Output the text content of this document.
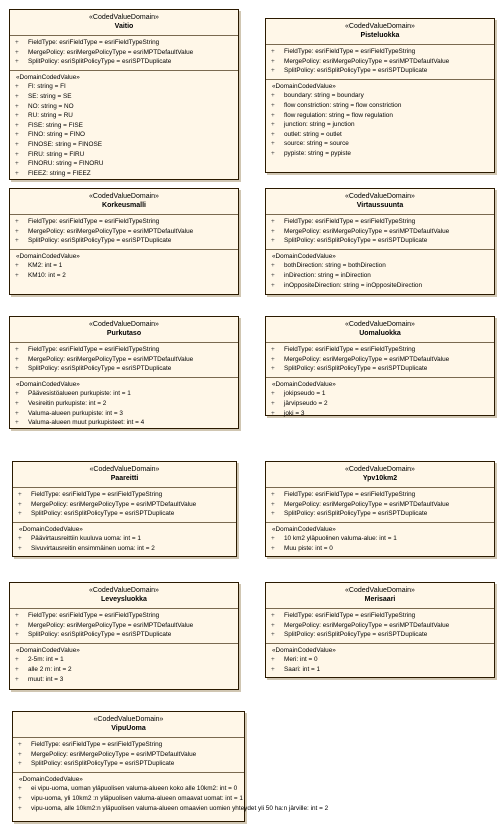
«CodedValueDomain»
Vaitio
+ FieldType: esriFieldType = esriFieldTypeString
+ MergePolicy: esriMergePolicyType = esriMPTDefaultValue
+ SplitPolicy: esriSplitPolicyType = esriSPTDuplicate
«DomainCodedValue»
+ FI: string = FI
+ SE: string = SE
+ NO: string = NO
+ RU: string = RU
+ FISE: string = FISE
+ FINO: string = FINO
+ FINOSE: string = FINOSE
+ FIRU: string = FIRU
+ FINORU: string = FINORU
+ FIEEZ: string = FIEEZ
«CodedValueDomain»
Pisteluokka
+ FieldType: esriFieldType = esriFieldTypeString
+ MergePolicy: esriMergePolicyType = esriMPTDefaultValue
+ SplitPolicy: esriSplitPolicyType = esriSPTDuplicate
«DomainCodedValue»
+ boundary: string = boundary
+ flow constriction: string = flow constriction
+ flow regulation: string = flow regulation
+ junction: string = junction
+ outlet: string = outlet
+ source: string = source
+ pypiste: string = pypiste
«CodedValueDomain»
Korkeusmalli
+ FieldType: esriFieldType = esriFieldTypeString
+ MergePolicy: esriMergePolicyType = esriMPTDefaultValue
+ SplitPolicy: esriSplitPolicyType = esriSPTDuplicate
«DomainCodedValue»
+ KM2: int = 1
+ KM10: int = 2
«CodedValueDomain»
Virtaussuunta
+ FieldType: esriFieldType = esriFieldTypeString
+ MergePolicy: esriMergePolicyType = esriMPTDefaultValue
+ SplitPolicy: esriSplitPolicyType = esriSPTDuplicate
«DomainCodedValue»
+ bothDirection: string = bothDirection
+ inDirection: string = inDirection
+ inOppositeDirection: string = inOppositeDirection
«CodedValueDomain»
Purkutaso
+ FieldType: esriFieldType = esriFieldTypeString
+ MergePolicy: esriMergePolicyType = esriMPTDefaultValue
+ SplitPolicy: esriSplitPolicyType = esriSPTDuplicate
«DomainCodedValue»
+ Päävesistöalueen purkupiste: int = 1
+ Vesireitin purkupiste: int = 2
+ Valuma-alueen purkupiste: int = 3
+ Valuma-alueen muut purkupisteet: int = 4
«CodedValueDomain»
Uomaluokka
+ FieldType: esriFieldType = esriFieldTypeString
+ MergePolicy: esriMergePolicyType = esriMPTDefaultValue
+ SplitPolicy: esriSplitPolicyType = esriSPTDuplicate
«DomainCodedValue»
+ jokipseudo = 1
+ järvipseudo = 2
+ joki = 3
«CodedValueDomain»
Paareitti
+ FieldType: esriFieldType = esriFieldTypeString
+ MergePolicy: esriMergePolicyType = esriMPTDefaultValue
+ SplitPolicy: esriSplitPolicyType = esriSPTDuplicate
«DomainCodedValue»
+ Päävirtausreittiin kuuluva uoma: int = 1
+ Sivuvirtausreitin ensimmäinen uoma: int = 2
«CodedValueDomain»
Ypv10km2
+ FieldType: esriFieldType = esriFieldTypeString
+ MergePolicy: esriMergePolicyType = esriMPTDefaultValue
+ SplitPolicy: esriSplitPolicyType = esriSPTDuplicate
«DomainCodedValue»
+ 10 km2 yläpuolinen valuma-alue: int = 1
+ Muu piste: int = 0
«CodedValueDomain»
Leveysluokka
+ FieldType: esriFieldType = esriFieldTypeString
+ MergePolicy: esriMergePolicyType = esriMPTDefaultValue
+ SplitPolicy: esriSplitPolicyType = esriSPTDuplicate
«DomainCodedValue»
+ 2-5m: int = 1
+ alle 2 m: int = 2
+ muut: int = 3
«CodedValueDomain»
Merisaari
+ FieldType: esriFieldType = esriFieldTypeString
+ MergePolicy: esriMergePolicyType = esriMPTDefaultValue
+ SplitPolicy: esriSplitPolicyType = esriSPTDuplicate
«DomainCodedValue»
+ Meri: int = 0
+ Saari: int = 1
«CodedValueDomain»
VipuUoma
+ FieldType: esriFieldType = esriFieldTypeString
+ MergePolicy: esriMergePolicyType = esriMPTDefaultValue
+ SplitPolicy: esriSplitPolicyType = esriSPTDuplicate
«DomainCodedValue»
+ ei vipu-uoma, uoman yläpuolisen valuma-alueen koko alle 10km2: int = 0
+ vipu-uoma, yli 10km2 :n yläpuolisen valuma-alueen omaavat uomat: int = 1
+ vipu-uoma, alle 10km2:n yläpuolisen valuma-alueen omaavien uomien yhteydet yli 50 ha:n järville: int = 2
